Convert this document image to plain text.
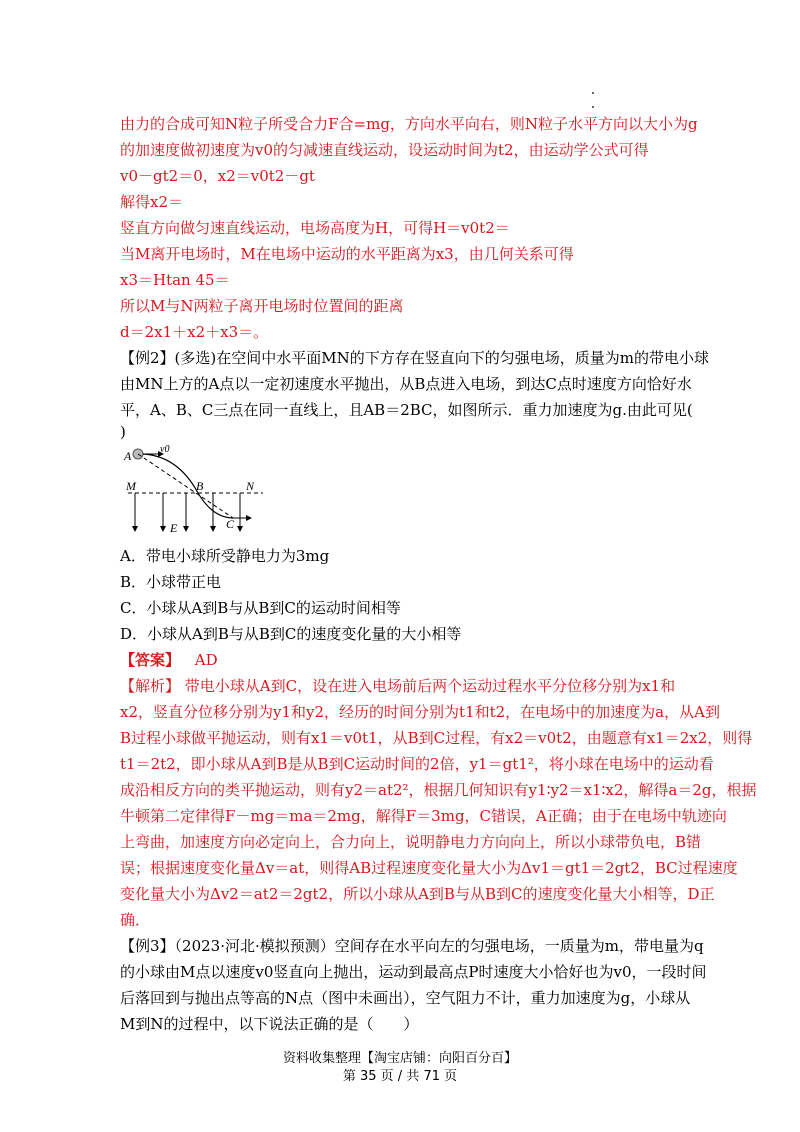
由力的合成可知N粒子所受合力F合=mg，方向水平向右，则N粒子水平方向以大小为g
的加速度做初速度为v0的匀减速直线运动，设运动时间为t2，由运动学公式可得
v0－gt2＝0，x2＝v0t2－gt
解得x2＝
竖直方向做匀速直线运动，电场高度为H，可得H＝v0t2＝
当M离开电场时，M在电场中运动的水平距离为x3，由几何关系可得
x3＝Htan 45＝
所以M与N两粒子离开电场时位置间的距离
d＝2x1＋x2＋x3＝。
【例2】(多选)在空间中水平面MN的下方存在竖直向下的匀强电场，质量为m的带电小球
由MN上方的A点以一定初速度水平抛出，从B点进入电场，到达C点时速度方向恰好水
平，A、B、C三点在同一直线上，且AB＝2BC，如图所示．重力加速度为g.由此可见(
)
A	v0
M	B	N
E	C
A．带电小球所受静电力为3mg
B．小球带正电
C．小球从A到B与从B到C的运动时间相等
D．小球从A到B与从B到C的速度变化量的大小相等
【答案】 AD
【解析】 带电小球从A到C，设在进入电场前后两个运动过程水平分位移分别为x1和
x2，竖直分位移分别为y1和y2，经历的时间分别为t1和t2，在电场中的加速度为a，从A到
B过程小球做平抛运动，则有x1＝v0t1，从B到C过程，有x2＝v0t2，由题意有x1＝2x2，则得
t1＝2t2，即小球从A到B是从B到C运动时间的2倍，y1＝gt1²，将小球在电场中的运动看
成沿相反方向的类平抛运动，则有y2＝at2²，根据几何知识有y1∶y2＝x1∶x2，解得a＝2g，根据
牛顿第二定律得F－mg＝ma＝2mg，解得F＝3mg，C错误，A正确；由于在电场中轨迹向
上弯曲，加速度方向必定向上，合力向上，说明静电力方向向上，所以小球带负电，B错
误；根据速度变化量Δv＝at，则得AB过程速度变化量大小为Δv1＝gt1＝2gt2，BC过程速度
变化量大小为Δv2＝at2＝2gt2，所以小球从A到B与从B到C的速度变化量大小相等，D正
确．
【例3】（2023·河北·模拟预测）空间存在水平向左的匀强电场，一质量为m，带电量为q
的小球由M点以速度v0竖直向上抛出，运动到最高点P时速度大小恰好也为v0，一段时间
后落回到与抛出点等高的N点（图中未画出），空气阻力不计，重力加速度为g，小球从
M到N的过程中，以下说法正确的是（　　）
资料收集整理【淘宝店铺：向阳百分百】
第 35 页 / 共 71 页
